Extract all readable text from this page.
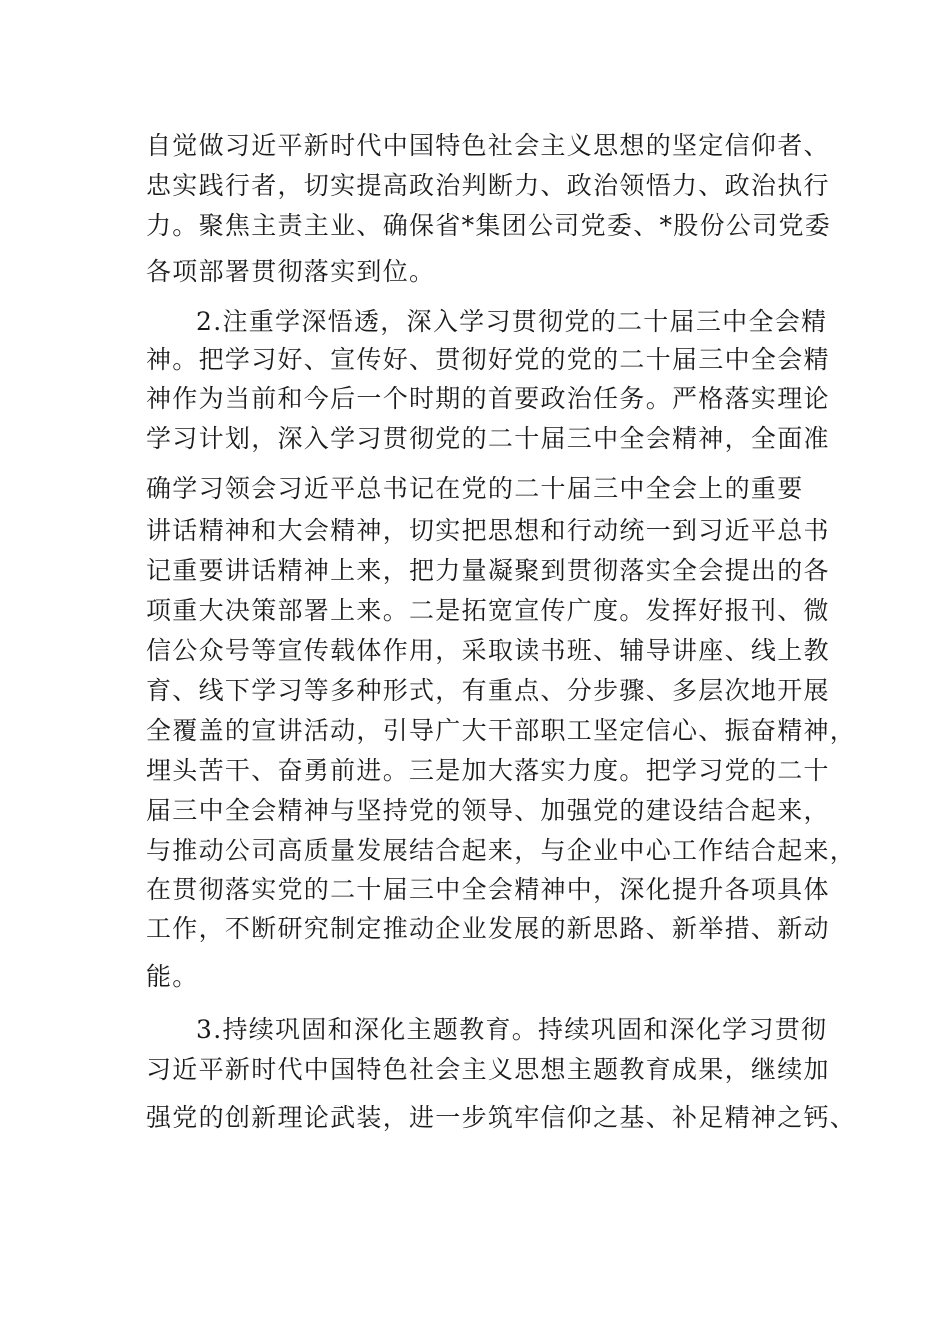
自觉做习近平新时代中国特色社会主义思想的坚定信仰者、

忠实践行者，切实提高政治判断力、政治领悟力、政治执行

力。聚焦主责主业、确保省*集团公司党委、*股份公司党委

各项部署贯彻落实到位。

2.注重学深悟透，深入学习贯彻党的二十届三中全会精

神。把学习好、宣传好、贯彻好党的党的二十届三中全会精

神作为当前和今后一个时期的首要政治任务。严格落实理论

学习计划，深入学习贯彻党的二十届三中全会精神，全面准

确学习领会习近平总书记在党的二十届三中全会上的重要

讲话精神和大会精神，切实把思想和行动统一到习近平总书

记重要讲话精神上来，把力量凝聚到贯彻落实全会提出的各

项重大决策部署上来。二是拓宽宣传广度。发挥好报刊、微

信公众号等宣传载体作用，采取读书班、辅导讲座、线上教

育、线下学习等多种形式，有重点、分步骤、多层次地开展

全覆盖的宣讲活动，引导广大干部职工坚定信心、振奋精神，

埋头苦干、奋勇前进。三是加大落实力度。把学习党的二十

届三中全会精神与坚持党的领导、加强党的建设结合起来，

与推动公司高质量发展结合起来，与企业中心工作结合起来，

在贯彻落实党的二十届三中全会精神中，深化提升各项具体

工作，不断研究制定推动企业发展的新思路、新举措、新动

能。

3.持续巩固和深化主题教育。持续巩固和深化学习贯彻

习近平新时代中国特色社会主义思想主题教育成果，继续加

强党的创新理论武装，进一步筑牢信仰之基、补足精神之钙、
